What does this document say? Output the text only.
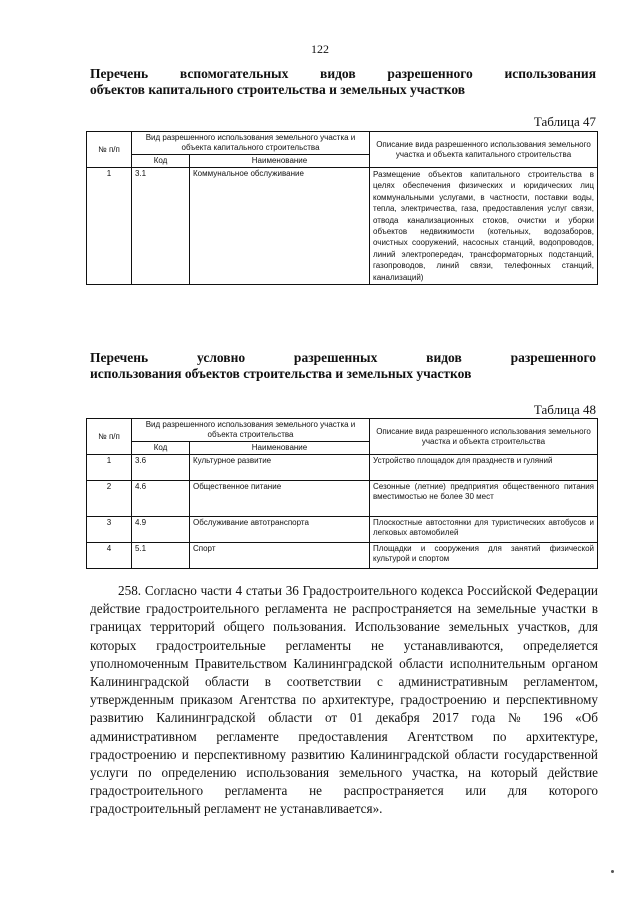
122
Перечень вспомогательных видов разрешенного использования
объектов капитального строительства и земельных участков
Таблица 47
№ п/п	Вид разрешенного использования земельного участка и объекта капитального строительства		Описание вида разрешенного использования земельного участка и объекта капитального строительства
	Код	Наименование	
1	3.1	Коммунальное обслуживание	Размещение объектов капитального строительства в целях обеспечения физических и юридических лиц коммунальными услугами, в частности, поставки воды, тепла, электричества, газа, предоставления услуг связи, отвода канализационных стоков, очистки и уборки объектов недвижимости (котельных, водозаборов, очистных сооружений, насосных станций, водопроводов, линий электропередач, трансформаторных подстанций, газопроводов, линий связи, телефонных станций, канализаций)
Перечень условно разрешенных видов разрешенного
использования объектов строительства и земельных участков
Таблица 48
№ п/п	Вид разрешенного использования земельного участка и объекта строительства		Описание вида разрешенного использования земельного участка и объекта строительства
	Код	Наименование	
1	3.6	Культурное развитие	Устройство площадок для празднеств и гуляний
2	4.6	Общественное питание	Сезонные (летние) предприятия общественного питания вместимостью не более 30 мест
3	4.9	Обслуживание автотранспорта	Плоскостные автостоянки для туристических автобусов и легковых автомобилей
4	5.1	Спорт	Площадки и сооружения для занятий физической культурой и спортом
258. Согласно части 4 статьи 36 Градостроительного кодекса Российской Федерации действие градостроительного регламента не распространяется на земельные участки в границах территорий общего пользования. Использование земельных участков, для которых градостроительные регламенты не устанавливаются, определяется уполномоченным Правительством Калининградской области исполнительным органом Калининградской области в соответствии с административным регламентом, утвержденным приказом Агентства по архитектуре, градостроению и перспективному развитию Калининградской области от 01 декабря 2017 года № 196 «Об административном регламенте предоставления Агентством по архитектуре, градостроению и перспективному развитию Калининградской области государственной услуги по определению использования земельного участка, на который действие градостроительного регламента не распространяется или для которого градостроительный регламент не устанавливается».
